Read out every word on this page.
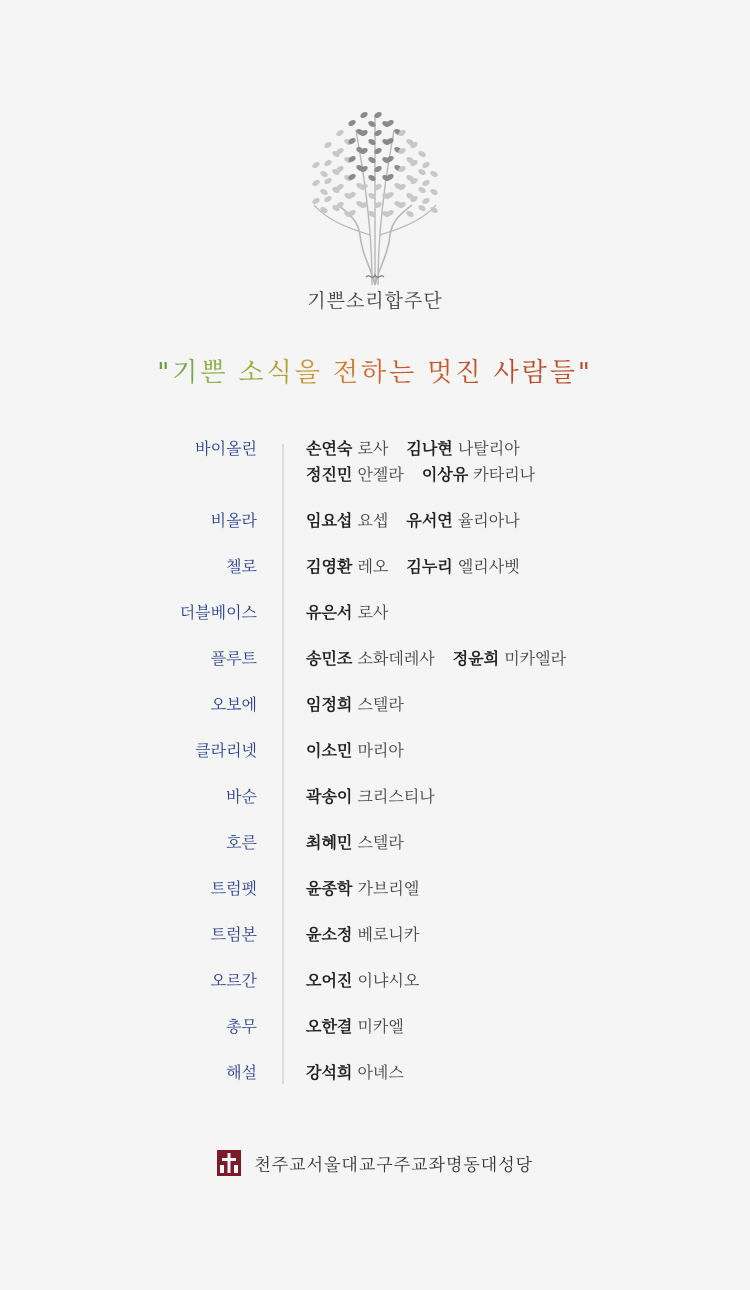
기쁜소리합주단
"기쁜 소식을 전하는 멋진 사람들"
바이올린	손연숙 로사 김나현 나탈리아
정진민 안젤라 이상유 카타리나
비올라	임요섭 요셉 유서연 율리아나
첼로	김영환 레오 김누리 엘리사벳
더블베이스	유은서 로사
플루트	송민조 소화데레사 정윤희 미카엘라
오보에	임정희 스텔라
클라리넷	이소민 마리아
바순	곽송이 크리스티나
호른	최혜민 스텔라
트럼펫	윤종학 가브리엘
트럼본	윤소정 베로니카
오르간	오어진 이냐시오
총무	오한결 미카엘
해설	강석희 아녜스
천주교서울대교구주교좌명동대성당
